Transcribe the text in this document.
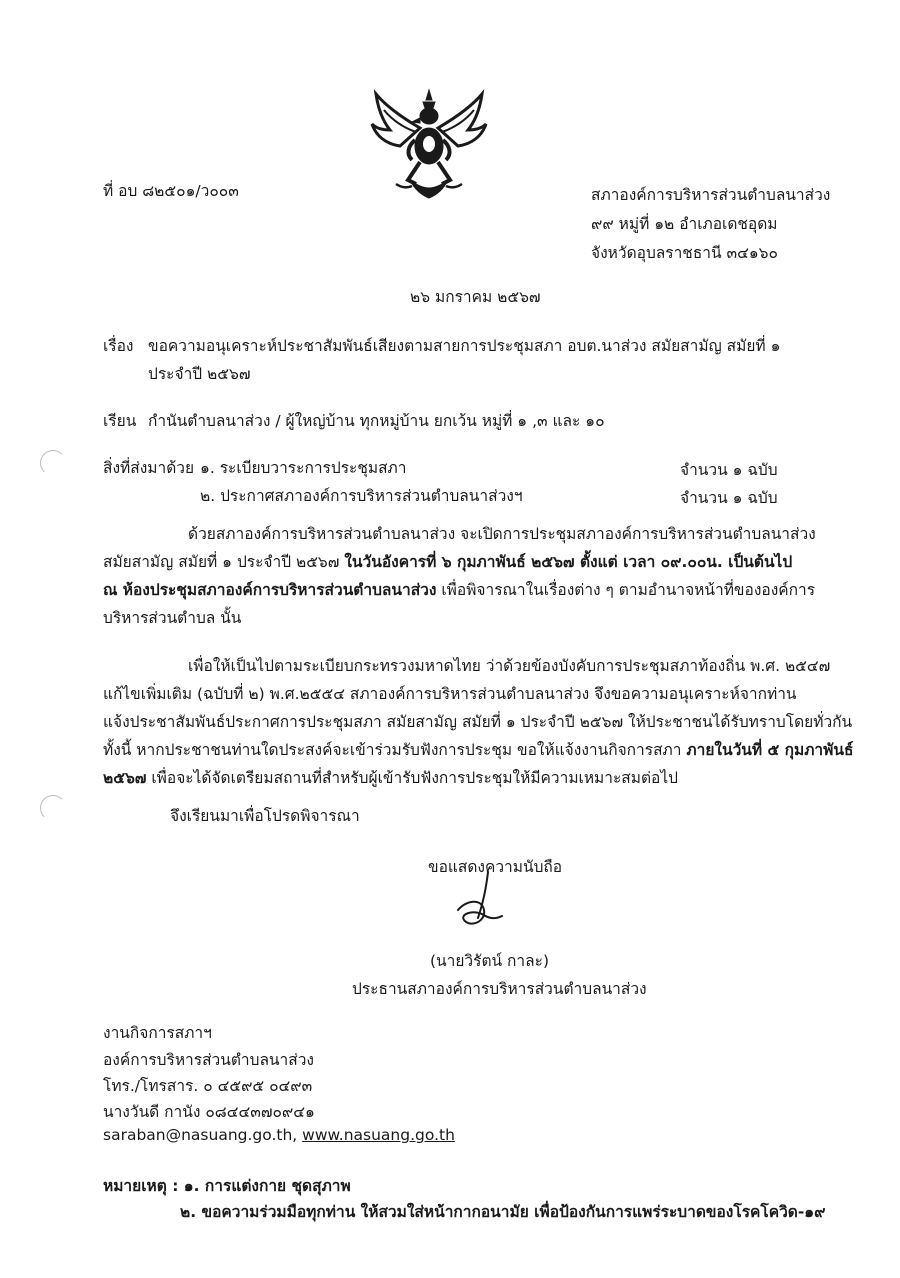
ที่ อบ ๘๒๕๐๑/ว๐๐๓	สภาองค์การบริหารส่วนตำบลนาส่วง
๙๙ หมู่ที่ ๑๒ อำเภอเดชอุดม
จังหวัดอุบลราชธานี ๓๔๑๖๐
๒๖ มกราคม ๒๕๖๗
เรื่อง ขอความอนุเคราะห์ประชาสัมพันธ์เสียงตามสายการประชุมสภา อบต.นาส่วง สมัยสามัญ สมัยที่ ๑
ประจำปี ๒๕๖๗
เรียน กำนันตำบลนาส่วง / ผู้ใหญ่บ้าน ทุกหมู่บ้าน ยกเว้น หมู่ที่ ๑ ,๓ และ ๑๐
สิ่งที่ส่งมาด้วย ๑. ระเบียบวาระการประชุมสภา	จำนวน ๑ ฉบับ
๒. ประกาศสภาองค์การบริหารส่วนตำบลนาส่วงฯ	จำนวน ๑ ฉบับ
ด้วยสภาองค์การบริหารส่วนตำบลนาส่วง จะเปิดการประชุมสภาองค์การบริหารส่วนตำบลนาส่วง
สมัยสามัญ สมัยที่ ๑ ประจำปี ๒๕๖๗ ในวันอังคารที่ ๖ กุมภาพันธ์ ๒๕๖๗ ตั้งแต่ เวลา ๐๙.๐๐น. เป็นต้นไป
ณ ห้องประชุมสภาองค์การบริหารส่วนตำบลนาส่วง เพื่อพิจารณาในเรื่องต่าง ๆ ตามอำนาจหน้าที่ขององค์การ
บริหารส่วนตำบล นั้น
เพื่อให้เป็นไปตามระเบียบกระทรวงมหาดไทย ว่าด้วยข้องบังคับการประชุมสภาท้องถิ่น พ.ศ. ๒๕๔๗
แก้ไขเพิ่มเติม (ฉบับที่ ๒) พ.ศ.๒๕๕๔ สภาองค์การบริหารส่วนตำบลนาส่วง จึงขอความอนุเคราะห์จากท่าน
แจ้งประชาสัมพันธ์ประกาศการประชุมสภา สมัยสามัญ สมัยที่ ๑ ประจำปี ๒๕๖๗ ให้ประชาชนได้รับทราบโดยทั่วกัน
ทั้งนี้ หากประชาชนท่านใดประสงค์จะเข้าร่วมรับฟังการประชุม ขอให้แจ้งงานกิจการสภา ภายในวันที่ ๕ กุมภาพันธ์
๒๕๖๗ เพื่อจะได้จัดเตรียมสถานที่สำหรับผู้เข้ารับฟังการประชุมให้มีความเหมาะสมต่อไป
จึงเรียนมาเพื่อโปรดพิจารณา
ขอแสดงความนับถือ
(นายวิรัตน์ กาละ)
ประธานสภาองค์การบริหารส่วนตำบลนาส่วง
งานกิจการสภาฯ
องค์การบริหารส่วนตำบลนาส่วง
โทร./โทรสาร. ๐ ๔๕๙๕ ๐๔๙๓
นางวันดี กานัง ๐๘๔๔๓๗๐๙๔๑
saraban@nasuang.go.th, www.nasuang.go.th
หมายเหตุ : ๑. การแต่งกาย ชุดสุภาพ
๒. ขอความร่วมมือทุกท่าน ให้สวมใส่หน้ากากอนามัย เพื่อป้องกันการแพร่ระบาดของโรคโควิด-๑๙
